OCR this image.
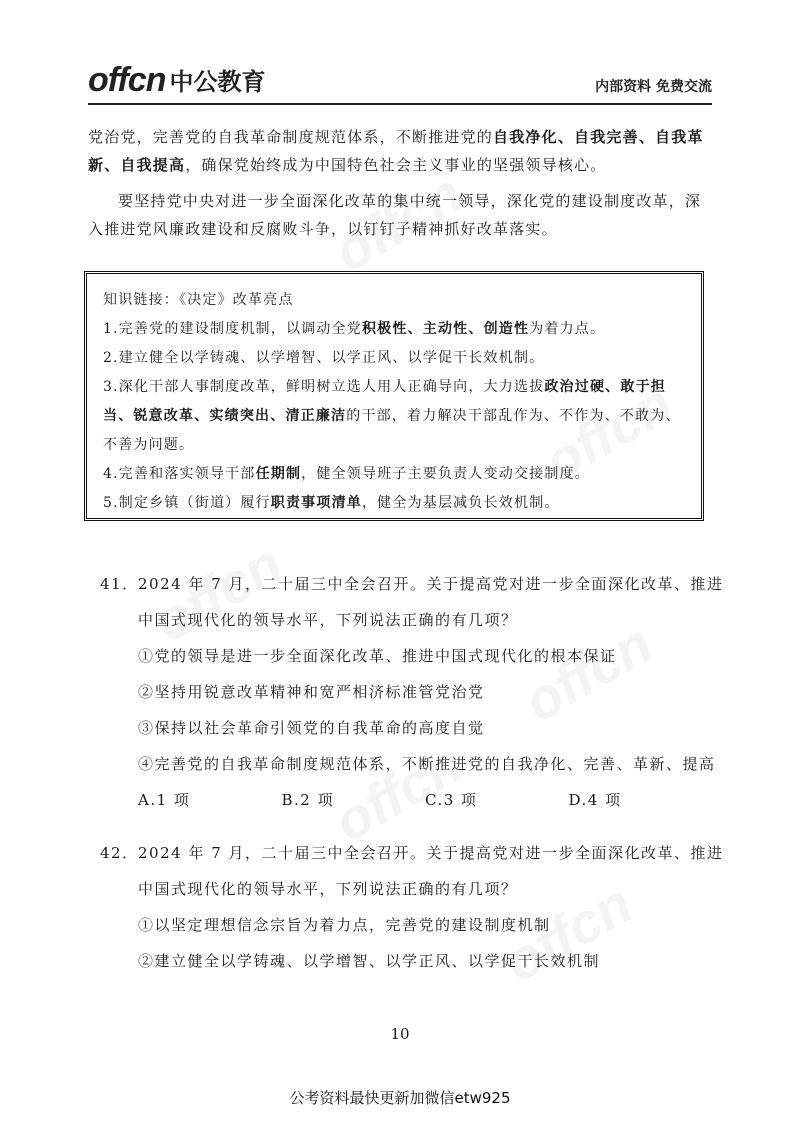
offcn 中公教育	内部资料 免费交流

党治党，完善党的自我革命制度规范体系，不断推进党的自我净化、自我完善、自我革新、自我提高，确保党始终成为中国特色社会主义事业的坚强领导核心。

要坚持党中央对进一步全面深化改革的集中统一领导，深化党的建设制度改革，深入推进党风廉政建设和反腐败斗争，以钉钉子精神抓好改革落实。

知识链接：《决定》改革亮点

1.完善党的建设制度机制，以调动全党积极性、主动性、创造性为着力点。

2.建立健全以学铸魂、以学增智、以学正风、以学促干长效机制。

3.深化干部人事制度改革，鲜明树立选人用人正确导向，大力选拔政治过硬、敢于担当、锐意改革、实绩突出、清正廉洁的干部，着力解决干部乱作为、不作为、不敢为、不善为问题。

4.完善和落实领导干部任期制，健全领导班子主要负责人变动交接制度。

5.制定乡镇（街道）履行职责事项清单，健全为基层减负长效机制。

41．2024 年 7 月，二十届三中全会召开。关于提高党对进一步全面深化改革、推进
中国式现代化的领导水平，下列说法正确的有几项？
①党的领导是进一步全面深化改革、推进中国式现代化的根本保证
②坚持用锐意改革精神和宽严相济标准管党治党
③保持以社会革命引领党的自我革命的高度自觉
④完善党的自我革命制度规范体系，不断推进党的自我净化、完善、革新、提高
A.1 项	B.2 项	C.3 项	D.4 项
42．2024 年 7 月，二十届三中全会召开。关于提高党对进一步全面深化改革、推进
中国式现代化的领导水平，下列说法正确的有几项？
①以坚定理想信念宗旨为着力点，完善党的建设制度机制
②建立健全以学铸魂、以学增智、以学正风、以学促干长效机制
10
公考资料最快更新加微信etw925
